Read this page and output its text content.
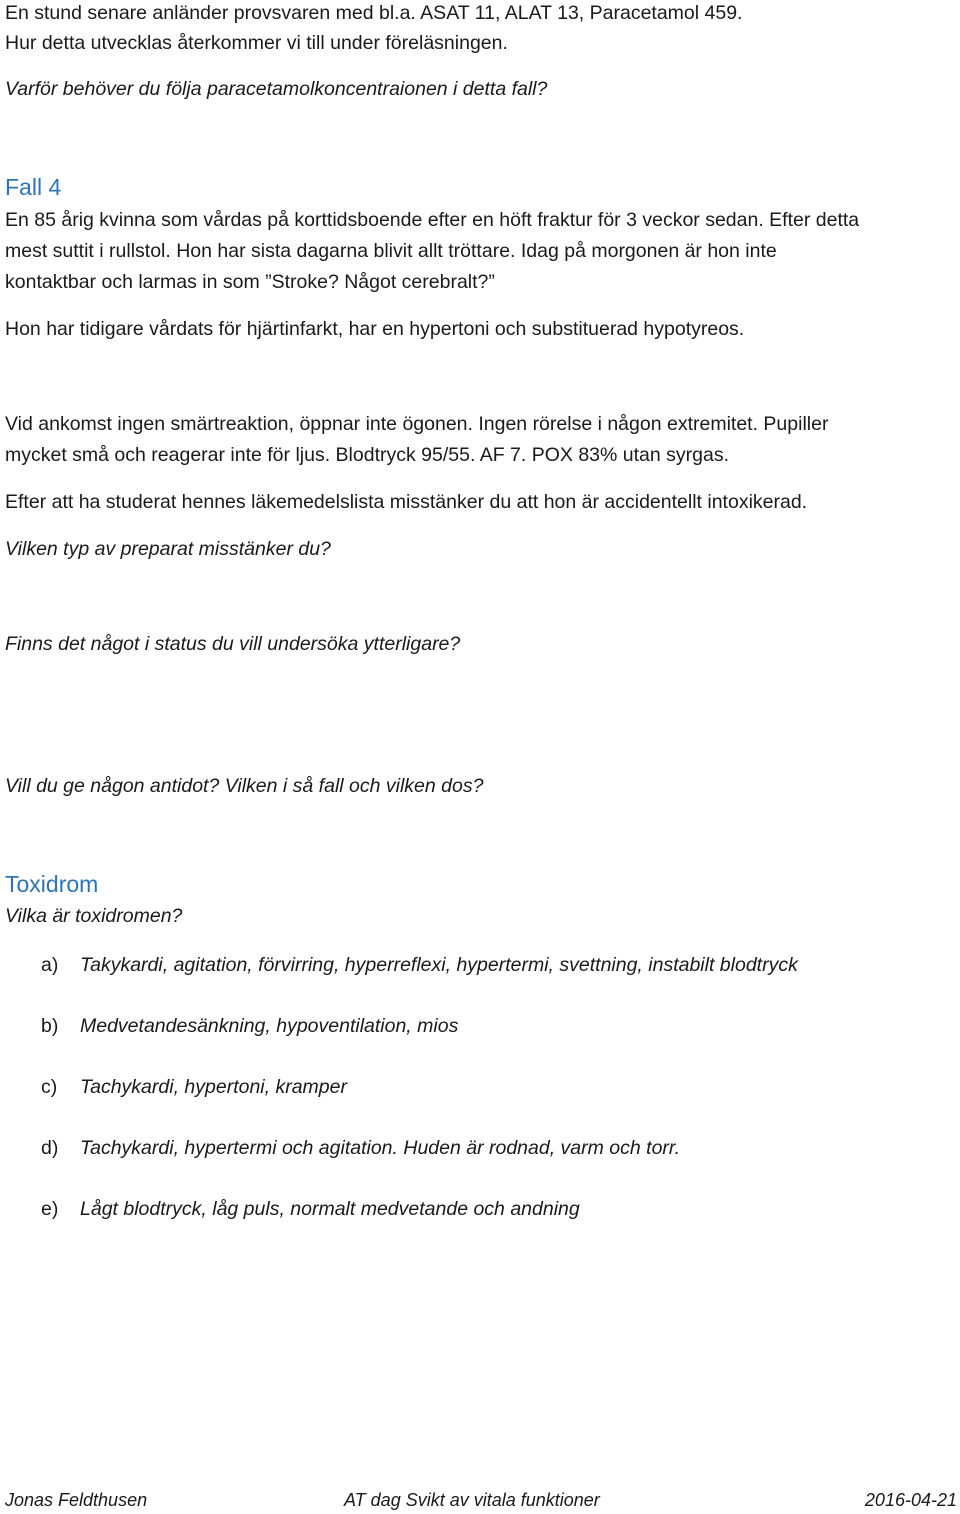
En stund senare anländer provsvaren med bl.a. ASAT 11, ALAT 13, Paracetamol 459.

Hur detta utvecklas återkommer vi till under föreläsningen.

Varför behöver du följa paracetamolkoncentraionen i detta fall?

Fall 4

En 85 årig kvinna som vårdas på korttidsboende efter en höft fraktur för 3 veckor sedan. Efter detta

mest suttit i rullstol. Hon har sista dagarna blivit allt tröttare. Idag på morgonen är hon inte

kontaktbar och larmas in som ”Stroke? Något cerebralt?”

Hon har tidigare vårdats för hjärtinfarkt, har en hypertoni och substituerad hypotyreos.

Vid ankomst ingen smärtreaktion, öppnar inte ögonen. Ingen rörelse i någon extremitet. Pupiller

mycket små och reagerar inte för ljus. Blodtryck 95/55. AF 7. POX 83% utan syrgas.

Efter att ha studerat hennes läkemedelslista misstänker du att hon är accidentellt intoxikerad.

Vilken typ av preparat misstänker du?

Finns det något i status du vill undersöka ytterligare?

Vill du ge någon antidot? Vilken i så fall och vilken dos?

Toxidrom

Vilka är toxidromen?

a) Takykardi, agitation, förvirring, hyperreflexi, hypertermi, svettning, instabilt blodtryck
b) Medvetandesänkning, hypoventilation, mios
c) Tachykardi, hypertoni, kramper
d) Tachykardi, hypertermi och agitation. Huden är rodnad, varm och torr.
e) Lågt blodtryck, låg puls, normalt medvetande och andning
Jonas Feldthusen	AT dag Svikt av vitala funktioner	2016-04-21
